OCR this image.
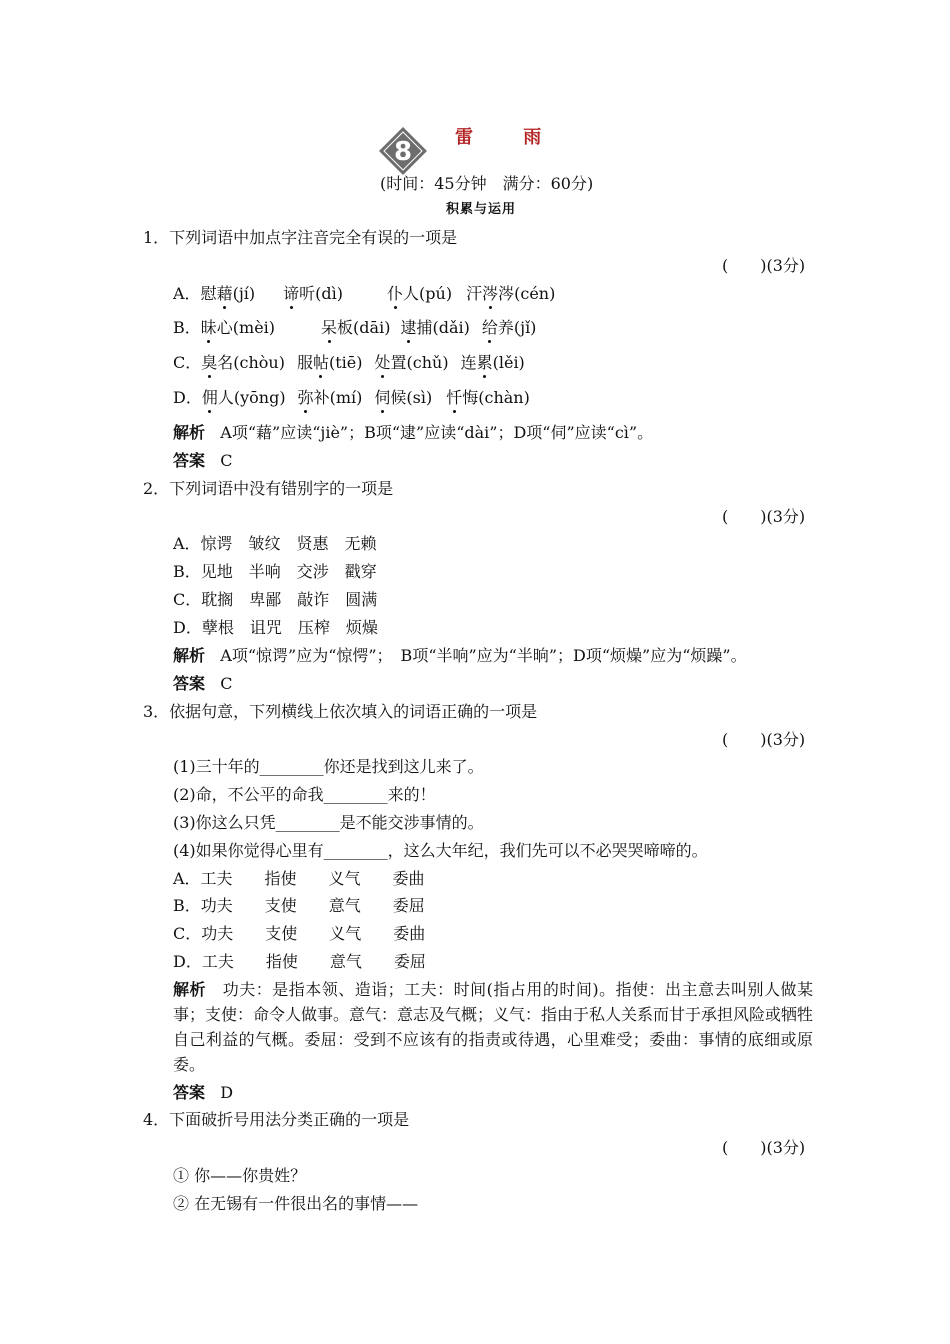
8 雷 雨
(时间：45分钟　满分：60分)
积累与运用
1．下列词语中加点字注音完全有误的一项是
(　　)(3分)
A．慰藉(jí) 谛听(dì)	仆人(pú) 汗涔涔(cén)
B．昧心(mèi)	呆板(dāi) 逮捕(dǎi) 给养(jǐ)
C．臭名(chòu) 服帖(tiē) 处置(chǔ) 连累(lěi)
D．佣人(yōng) 弥补(mí) 伺候(sì) 忏悔(chàn)
解析 A项“藉”应读“jiè”；B项“逮”应读“dài”；D项“伺”应读“cì”。
答案 C
2．下列词语中没有错别字的一项是
(　　)(3分)
A．惊谔　皱纹　贤惠　无赖
B．见地　半响　交涉　戳穿
C．耽搁　卑鄙　敲诈　圆满
D．孽根　诅咒　压榨　烦燥
解析 A项“惊谔”应为“惊愕”；　B项“半响”应为“半晌”；D项“烦燥”应为“烦躁”。
答案 C
3．依据句意，下列横线上依次填入的词语正确的一项是
(　　)(3分)
(1)三十年的________你还是找到这儿来了。
(2)命，不公平的命我________来的！
(3)你这么只凭________是不能交涉事情的。
(4)如果你觉得心里有________，这么大年纪，我们先可以不必哭哭啼啼的。
A．工夫　　指使　　义气　　委曲
B．功夫　　支使　　意气　　委屈
C．功夫　　支使　　义气　　委曲
D．工夫　　指使　　意气　　委屈
解析 功夫：是指本领、造诣；工夫：时间(指占用的时间)。指使：出主意去叫别人做某事；支使：命令人做事。意气：意志及气概；义气：指由于私人关系而甘于承担风险或牺牲自己利益的气概。委屈：受到不应该有的指责或待遇，心里难受；委曲：事情的底细或原委。
答案 D
4．下面破折号用法分类正确的一项是
(　　)(3分)
① 你——你贵姓？
② 在无锡有一件很出名的事情——
